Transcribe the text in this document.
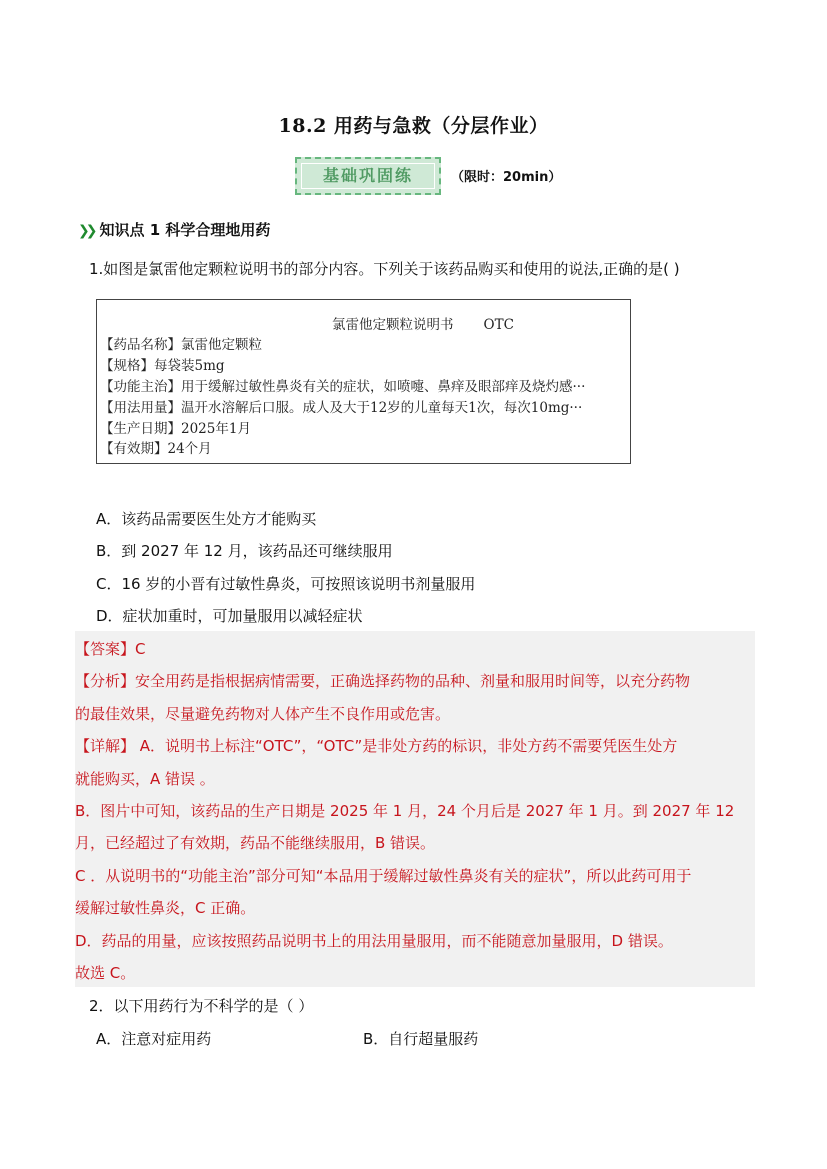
18.2 用药与急救（分层作业）
基础巩固练	（限时：20min）
❯❯ 知识点 1 科学合理地用药
1.如图是氯雷他定颗粒说明书的部分内容。下列关于该药品购买和使用的说法,正确的是( )
氯雷他定颗粒说明书 OTC
【药品名称】氯雷他定颗粒
【规格】每袋装5mg
【功能主治】用于缓解过敏性鼻炎有关的症状，如喷嚏、鼻痒及眼部痒及烧灼感···
【用法用量】温开水溶解后口服。成人及大于12岁的儿童每天1次，每次10mg···
【生产日期】2025年1月
【有效期】24个月
A．该药品需要医生处方才能购买
B．到 2027 年 12 月，该药品还可继续服用
C．16 岁的小晋有过敏性鼻炎，可按照该说明书剂量服用
D．症状加重时，可加量服用以减轻症状
【答案】C
【分析】安全用药是指根据病情需要，正确选择药物的品种、剂量和服用时间等，以充分药物
的最佳效果，尽量避免药物对人体产生不良作用或危害。
【详解】 A．说明书上标注“OTC”，“OTC”是非处方药的标识，非处方药不需要凭医生处方
就能购买，A 错误 。
B．图片中可知，该药品的生产日期是 2025 年 1 月，24 个月后是 2027 年 1 月。到 2027 年 12
月，已经超过了有效期，药品不能继续服用，B 错误。
C ．从说明书的“功能主治”部分可知“本品用于缓解过敏性鼻炎有关的症状”，所以此药可用于
缓解过敏性鼻炎，C 正确。
D．药品的用量，应该按照药品说明书上的用法用量服用，而不能随意加量服用，D 错误。
故选 C。
2．以下用药行为不科学的是（ ）
A．注意对症用药	B．自行超量服药
